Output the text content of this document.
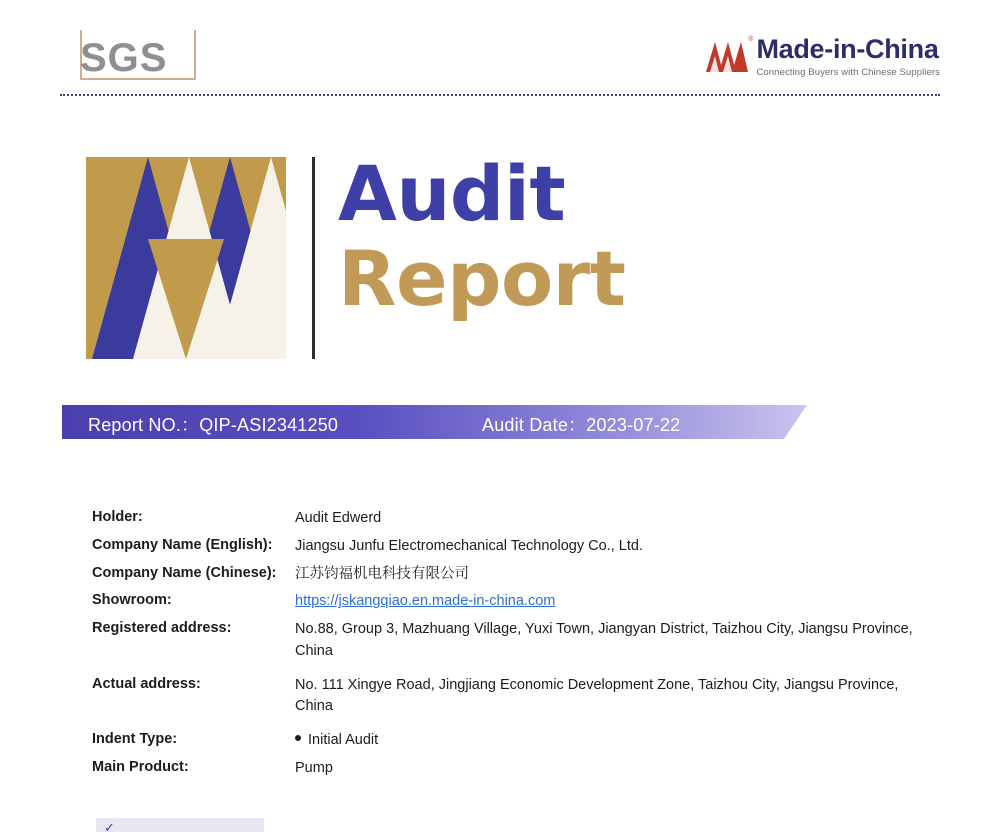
SGS	® Made-in-China
Connecting Buyers with Chinese Suppliers
Audit
Report
Report NO.：QIP-ASI2341250	Audit Date：2023-07-22
Holder:	Audit Edwerd
Company Name (English):	Jiangsu Junfu Electromechanical Technology Co., Ltd.
Company Name (Chinese):	江苏钧福机电科技有限公司
Showroom:	https://jskangqiao.en.made-in-china.com
Registered address:	No.88, Group 3, Mazhuang Village, Yuxi Town, Jiangyan District, Taizhou City, Jiangsu Province, China
Actual address:	No. 111 Xingye Road, Jingjiang Economic Development Zone, Taizhou City, Jiangsu Province, China
Indent Type:	Initial Audit
Main Product:	Pump
✓
